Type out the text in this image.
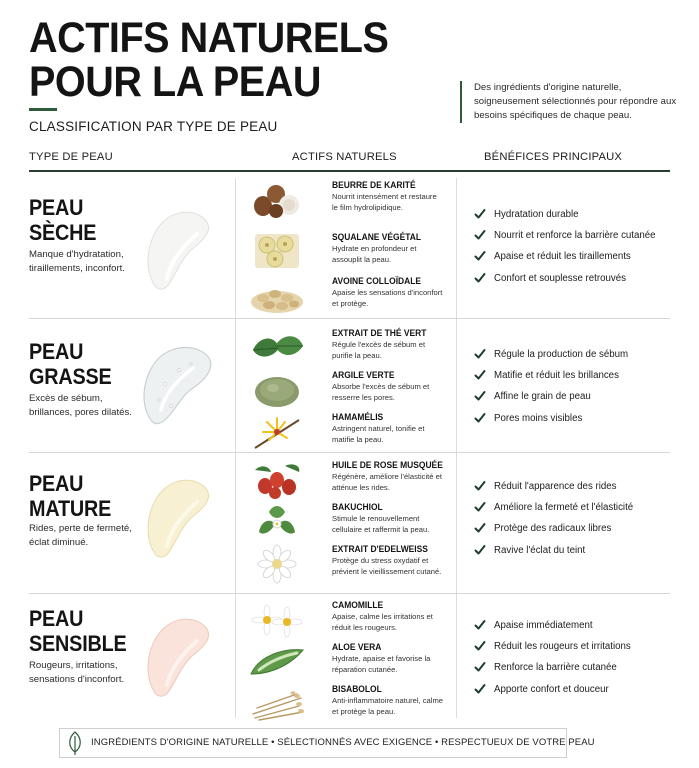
ACTIFS NATURELS
POUR LA PEAU
CLASSIFICATION PAR TYPE DE PEAU
Des ingrédients d'origine naturelle, soigneusement sélectionnés pour répondre aux besoins spécifiques de chaque peau.
TYPE DE PEAU	ACTIFS NATURELS	BÉNÉFICES PRINCIPAUX
PEAU
SÈCHE
Manque d'hydratation, tiraillements, inconfort.
BEURRE DE KARITÉ
Nourrit intensément et restaure le film hydrolipidique.
SQUALANE VÉGÉTAL
Hydrate en profondeur et assouplit la peau.
AVOINE COLLOÏDALE
Apaise les sensations d'inconfort et protège.
Hydratation durable
Nourrit et renforce la barrière cutanée
Apaise et réduit les tiraillements
Confort et souplesse retrouvés
PEAU
GRASSE
Excès de sébum, brillances, pores dilatés.
EXTRAIT DE THÉ VERT
Régule l'excès de sébum et purifie la peau.
ARGILE VERTE
Absorbe l'excès de sébum et resserre les pores.
HAMAMÉLIS
Astringent naturel, tonifie et matifie la peau.
Régule la production de sébum
Matifie et réduit les brillances
Affine le grain de peau
Pores moins visibles
PEAU
MATURE
Rides, perte de fermeté, éclat diminué.
HUILE DE ROSE MUSQUÉE
Régénère, améliore l'élasticité et atténue les rides.
BAKUCHIOL
Stimule le renouvellement cellulaire et raffermit la peau.
EXTRAIT D'EDELWEISS
Protège du stress oxydatif et prévient le vieillissement cutané.
Réduit l'apparence des rides
Améliore la fermeté et l'élasticité
Protège des radicaux libres
Ravive l'éclat du teint
PEAU
SENSIBLE
Rougeurs, irritations, sensations d'inconfort.
CAMOMILLE
Apaise, calme les irritations et réduit les rougeurs.
ALOE VERA
Hydrate, apaise et favorise la réparation cutanée.
BISABOLOL
Anti-inflammatoire naturel, calme et protège la peau.
Apaise immédiatement
Réduit les rougeurs et irritations
Renforce la barrière cutanée
Apporte confort et douceur
INGRÉDIENTS D'ORIGINE NATURELLE • SÉLECTIONNÉS AVEC EXIGENCE • RESPECTUEUX DE VOTRE PEAU
